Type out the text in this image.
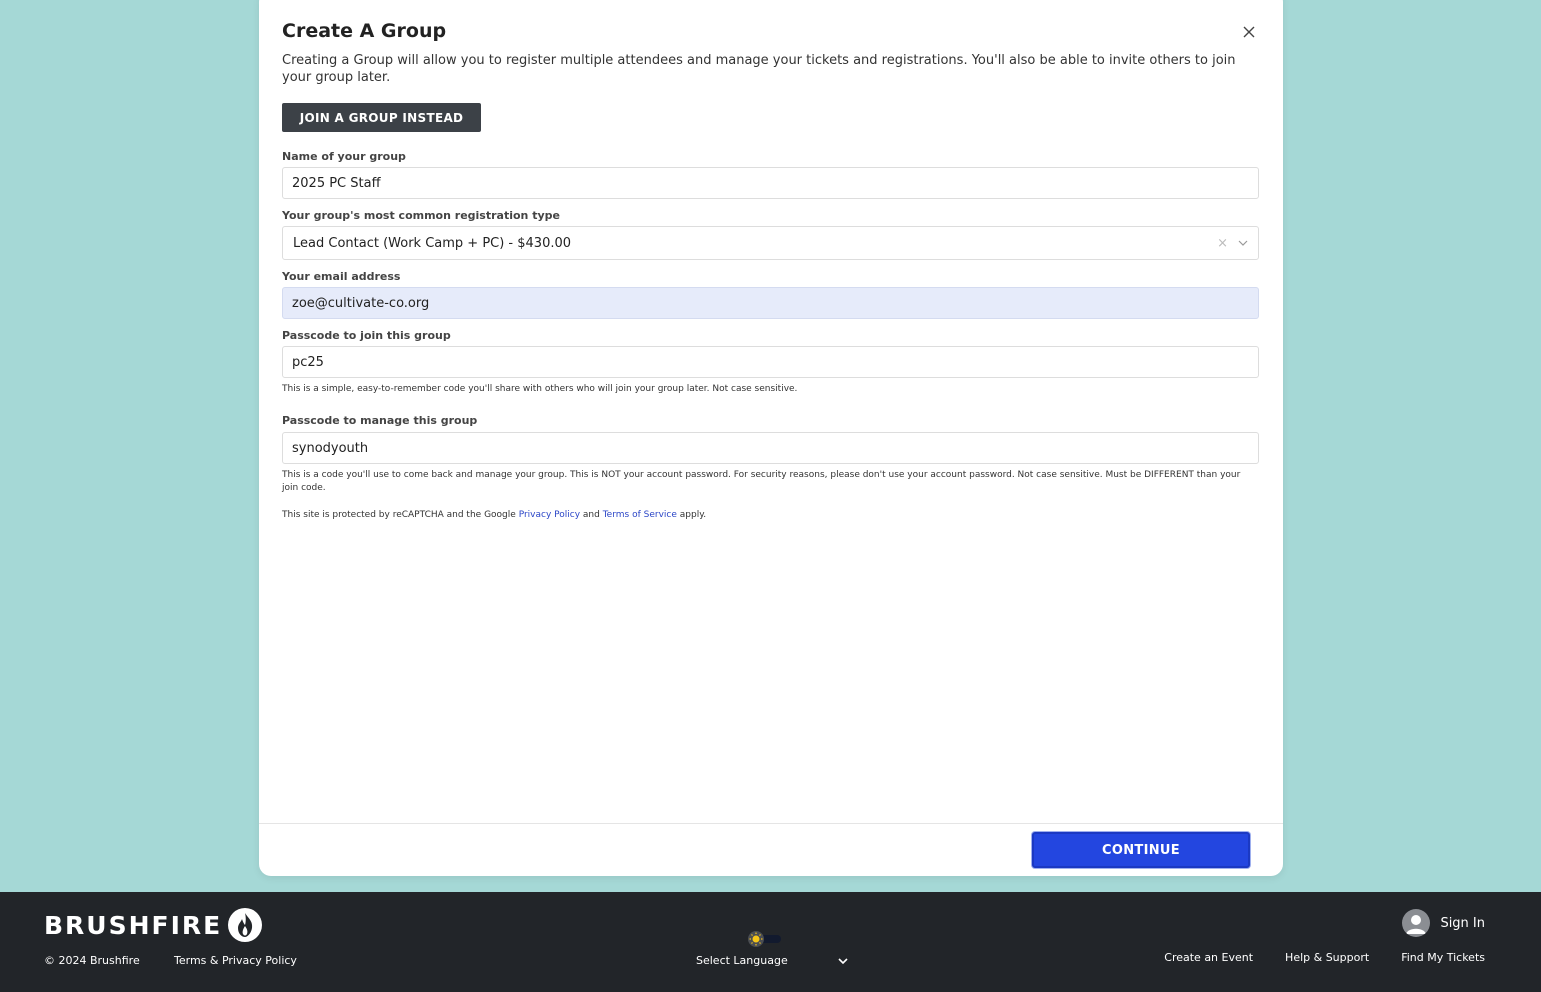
Create A Group

Creating a Group will allow you to register multiple attendees and manage your tickets and registrations. You'll also be able to invite others to join your group later.

JOIN A GROUP INSTEAD
Name of your group
2025 PC Staff
Your group's most common registration type
Lead Contact (Work Camp + PC) - $430.00	×
Your email address
zoe@cultivate-co.org
Passcode to join this group
pc25

This is a simple, easy-to-remember code you'll share with others who will join your group later. Not case sensitive.

Passcode to manage this group
synodyouth

This is a code you'll use to come back and manage your group. This is NOT your account password. For security reasons, please don't use your account password. Not case sensitive. Must be DIFFERENT than your join code.

This site is protected by reCAPTCHA and the Google Privacy Policy and Terms of Service apply.

CONTINUE
BRUSHFIRE
© 2024 Brushfire	Terms & Privacy Policy	Select Language
Sign In
Create an Event	Help & Support	Find My Tickets
